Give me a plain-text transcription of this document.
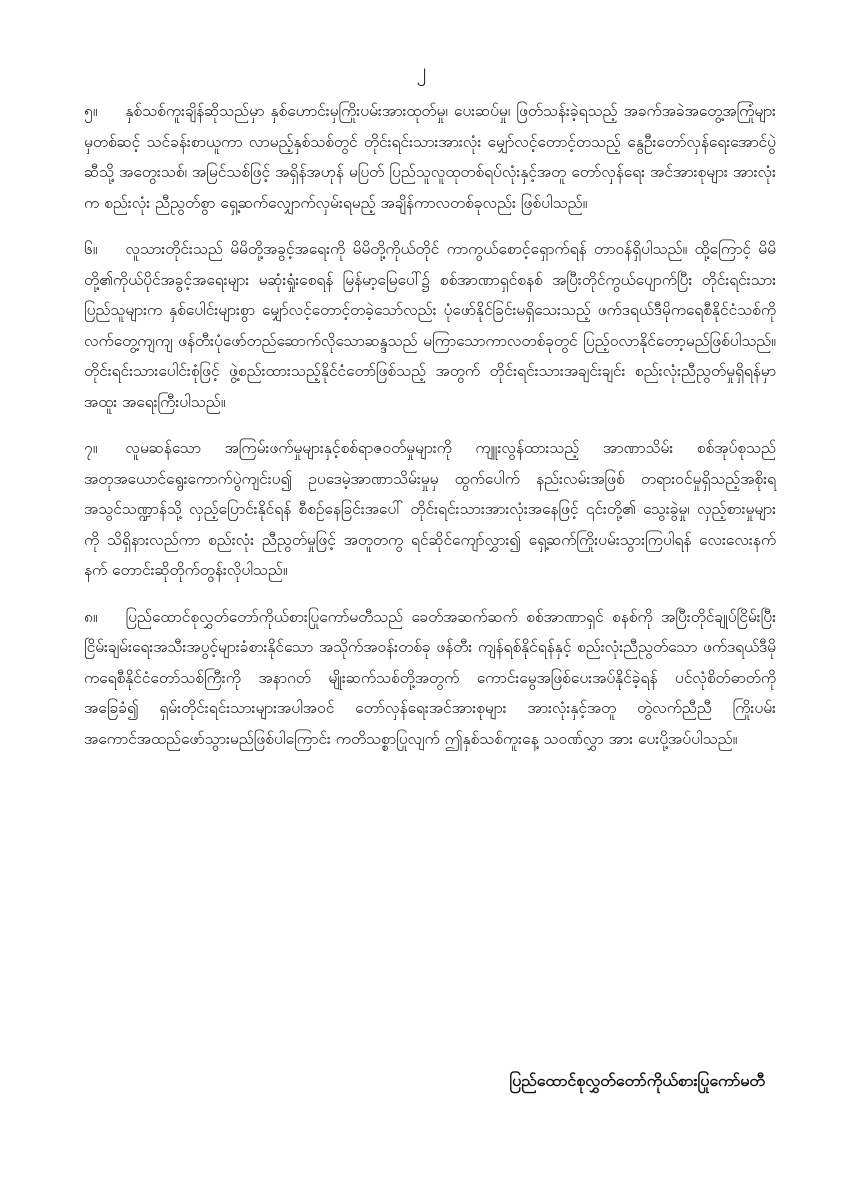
၂

၅။ နှစ်သစ်ကူးချိန်ဆိုသည်မှာ နှစ်ဟောင်းမှကြိုးပမ်းအားထုတ်မှု၊ ပေးဆပ်မှု၊ ဖြတ်သန်းခဲ့ရသည့် အခက်အခဲအတွေ့အကြုံများမှတစ်ဆင့် သင်ခန်းစာယူကာ လာမည့်နှစ်သစ်တွင် တိုင်းရင်းသားအားလုံး မျှော်လင့်တောင့်တသည့် နွေဦးတော်လှန်ရေးအောင်ပွဲဆီသို့ အတွေးသစ်၊ အမြင်သစ်ဖြင့် အရှိန်အဟုန် မပြတ် ပြည်သူလူထုတစ်ရပ်လုံးနှင့်အတူ တော်လှန်ရေး အင်အားစုများ အားလုံးက စည်းလုံး ညီညွတ်စွာ ရှေ့ဆက်လျှောက်လှမ်းရမည့် အချိန်ကာလတစ်ခုလည်း ဖြစ်ပါသည်။

၆။ လူသားတိုင်းသည် မိမိတို့အခွင့်အရေးကို မိမိတို့ကိုယ်တိုင် ကာကွယ်စောင့်ရှောက်ရန် တာဝန်ရှိပါသည်။ ထို့ကြောင့် မိမိတို့၏ကိုယ်ပိုင်အခွင့်အရေးများ မဆုံးရှုံးစေရန် မြန်မာ့မြေပေါ်၌ စစ်အာဏာရှင်စနစ် အပြီးတိုင်ကွယ်ပျောက်ပြီး တိုင်းရင်းသား ပြည်သူများက နှစ်ပေါင်းများစွာ မျှော်လင့်တောင့်တခဲ့သော်လည်း ပုံဖော်နိုင်ခြင်းမရှိသေးသည့် ဖက်ဒရယ်ဒီမိုကရေစီနိုင်ငံသစ်ကို လက်တွေ့ကျကျ ဖန်တီးပုံဖော်တည်ဆောက်လိုသောဆန္ဒသည် မကြာသောကာလတစ်ခုတွင် ပြည့်ဝလာနိုင်တော့မည်ဖြစ်ပါသည်။ တိုင်းရင်းသားပေါင်းစုံဖြင့် ဖွဲ့စည်းထားသည့်နိုင်ငံတော်ဖြစ်သည့် အတွက် တိုင်းရင်းသားအချင်းချင်း စည်းလုံးညီညွတ်မှုရှိရန်မှာ အထူး အရေးကြီးပါသည်။

၇။ လူမဆန်သော အကြမ်းဖက်မှုများနှင့်စစ်ရာဇဝတ်မှုများကို ကျူးလွန်ထားသည့် အာဏာသိမ်း စစ်အုပ်စုသည် အတုအယောင်ရွေးကောက်ပွဲကျင်းပ၍ ဥပဒေမဲ့အာဏာသိမ်းမှုမှ ထွက်ပေါက် နည်းလမ်းအဖြစ် တရားဝင်မှုရှိသည့်အစိုးရအသွင်သဏ္ဍာန်သို့ လှည့်ပြောင်းနိုင်ရန် စီစဉ်နေခြင်းအပေါ် တိုင်းရင်းသားအားလုံးအနေဖြင့် ၎င်းတို့၏ သွေးခွဲမှု၊ လှည့်စားမှုများကို သိရှိနားလည်ကာ စည်းလုံး ညီညွတ်မှုဖြင့် အတူတကွ ရင်ဆိုင်ကျော်လွှား၍ ရှေ့ဆက်ကြိုးပမ်းသွားကြပါရန် လေးလေးနက်နက် တောင်းဆိုတိုက်တွန်းလိုပါသည်။

၈။ ပြည်ထောင်စုလွှတ်တော်ကိုယ်စားပြုကော်မတီသည် ခေတ်အဆက်ဆက် စစ်အာဏာရှင် စနစ်ကို အပြီးတိုင်ချုပ်ငြိမ်းပြီး ငြိမ်းချမ်းရေးအသီးအပွင့်များခံစားနိုင်သော အသိုက်အဝန်းတစ်ခု ဖန်တီး ကျန်ရစ်နိုင်ရန်နှင့် စည်းလုံးညီညွတ်သော ဖက်ဒရယ်ဒီမိုကရေစီနိုင်ငံတော်သစ်ကြီးကို အနာဂတ် မျိုးဆက်သစ်တို့အတွက် ကောင်းမွေအဖြစ်ပေးအပ်နိုင်ခဲ့ရန် ပင်လုံစိတ်ဓာတ်ကို အခြေခံ၍ ရှမ်းတိုင်းရင်းသားများအပါအဝင် တော်လှန်ရေးအင်အားစုများ အားလုံးနှင့်အတူ တွဲလက်ညီညီ ကြိုးပမ်းအကောင်အထည်ဖော်သွားမည်ဖြစ်ပါကြောင်း ကတိသစ္စာပြုလျက် ဤနှစ်သစ်ကူးနေ့ သဝဏ်လွှာ အား ပေးပို့အပ်ပါသည်။

ပြည်ထောင်စုလွှတ်တော်ကိုယ်စားပြုကော်မတီ
